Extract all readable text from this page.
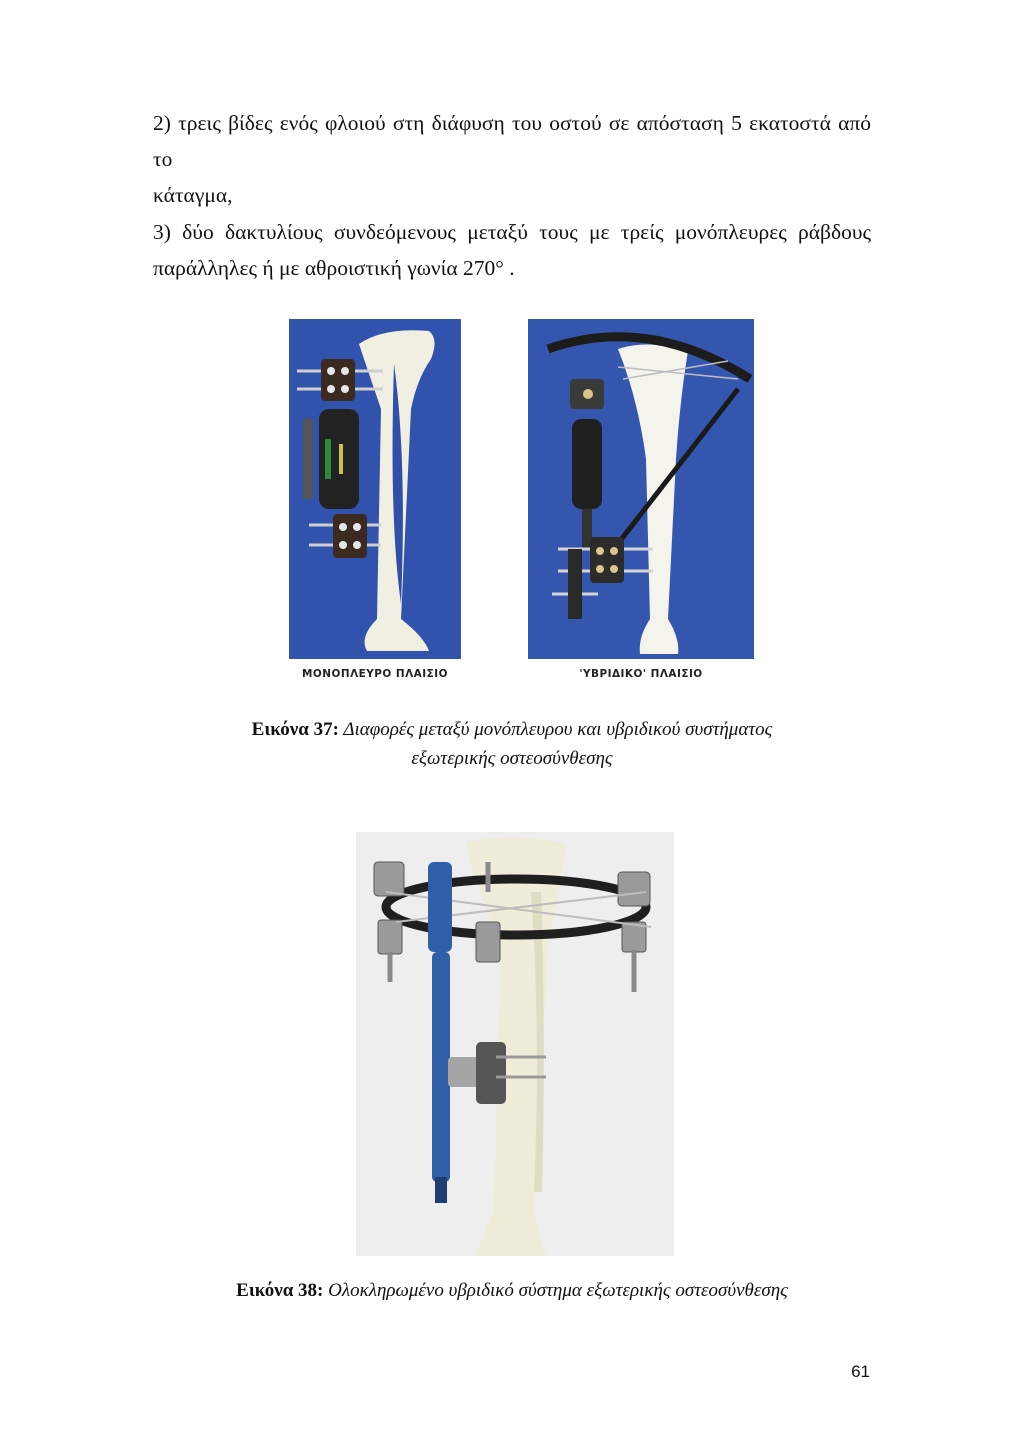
2) τρεις βίδες ενός φλοιού στη διάφυση του οστού σε απόσταση 5 εκατοστά από το
κάταγμα,
3) δύο δακτυλίους συνδεόμενους μεταξύ τους με τρείς μονόπλευρες ράβδους
παράλληλες ή με αθροιστική γωνία 270° .
ΜΟΝΟΠΛΕΥΡΟ ΠΛΑΙΣΙΟ	'ΥΒΡΙΔΙΚΟ' ΠΛΑΙΣΙΟ
Εικόνα 37: Διαφορές μεταξύ μονόπλευρου και υβριδικού συστήματος
εξωτερικής οστεοσύνθεσης
Εικόνα 38: Ολοκληρωμένο υβριδικό σύστημα εξωτερικής οστεοσύνθεσης
61
